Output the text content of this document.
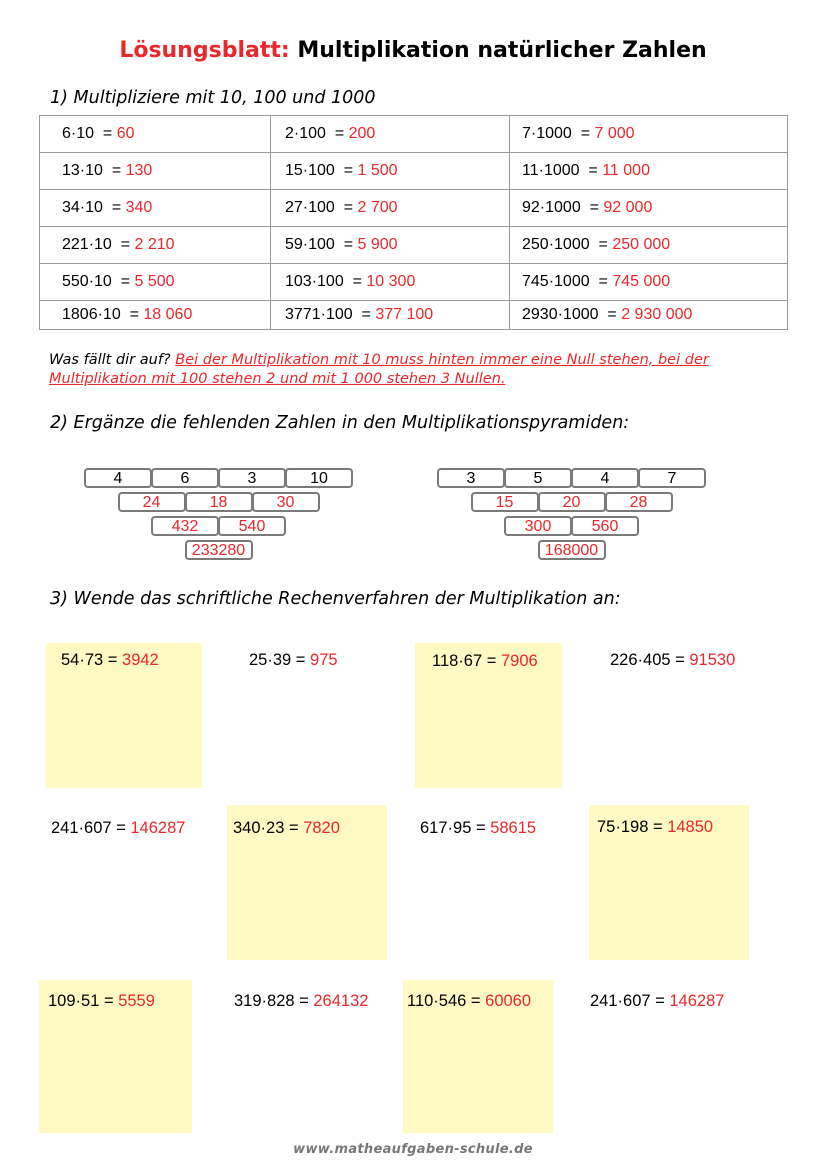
Lösungsblatt: Multiplikation natürlicher Zahlen
1) Multipliziere mit 10, 100 und 1000
6·10  = 60	2·100  = 200	7·1000  = 7 000
13·10  = 130	15·100  = 1 500	11·1000  = 11 000
34·10  = 340	27·100  = 2 700	92·1000  = 92 000
221·10  = 2 210	59·100  = 5 900	250·1000  = 250 000
550·10  = 5 500	103·100  = 10 300	745·1000  = 745 000
1806·10  = 18 060	3771·100  = 377 100	2930·1000  = 2 930 000
Was fällt dir auf? Bei der Multiplikation mit 10 muss hinten immer eine Null stehen, bei der Multiplikation mit 100 stehen 2 und mit 1 000 stehen 3 Nullen.
2) Ergänze die fehlenden Zahlen in den Multiplikationspyramiden:
4	6	3	10
24	18	30
432	540
233280
3	5	4	7
15	20	28
300	560
168000
3) Wende das schriftliche Rechenverfahren der Multiplikation an:
54·73 = 3942	25·39 = 975	118·67 = 7906	226·405 = 91530
241·607 = 146287	340·23 = 7820	617·95 = 58615	75·198 = 14850
109·51 = 5559	319·828 = 264132 110·546 = 60060	241·607 = 146287
www.matheaufgaben-schule.de
